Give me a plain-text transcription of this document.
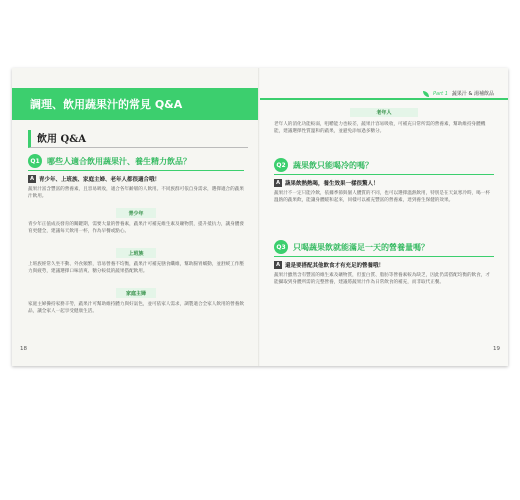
調理、飲用蔬果汁的常見 Q&A
飲用 Q&A
Q1 哪些人適合飲用蔬果汁、養生精力飲品？
A 青少年、上班族、家庭主婦、老年人都很適合哦！
蔬果汁富含豐富的營養素，且容易吸收，適合各年齡層的人飲用。不同族群可依自身需求，選擇適合的蔬果汁飲用。
青少年
青少年正值成長發育的關鍵期，需要大量的營養素，蔬果汁可補充維生素及礦物質，提升抵抗力，讓身體發育更健全，建議每天飲用一杯，作為早餐或點心。
上班族
上班族經常久坐不動、外食頻繁，容易營養不均衡，蔬果汁可補充膳食纖維，幫助腸胃蠕動，並舒緩工作壓力與疲勞，建議選擇口味清爽、糖分較低的蔬果搭配飲用。
家庭主婦
家庭主婦操持家務辛勞，蔬果汁可幫助維持體力與好氣色，並可依家人需求，調製適合全家人飲用的營養飲品，讓全家人一起享受健康生活。
18
Part 1 蔬果汁 & 湯補飲品
老年人
老年人的消化功能較弱，咀嚼能力也較差，蔬果汁容易吸收，可補充日常所需的營養素，幫助維持身體機能，建議選擇性質溫和的蔬果，並避免添加過多糖分。
Q2 蔬果飲只能喝冷的嗎？
A 蔬果飲熱熱喝，養生效果一樣很驚人！
蔬果汁不一定只能冷飲，依據季節與個人體質的不同，也可以選擇溫熱飲用，特別是在天氣寒冷時，喝一杯溫熱的蔬果飲，能讓身體暖和起來，同樣可以補充豐富的營養素，達到養生保健的效果。
Q3 只喝蔬果飲就能滿足一天的營養量嗎？
A 還是要搭配其他飲食才有充足的營養哦！
蔬果汁雖然含有豐富的維生素及礦物質，但蛋白質、脂肪等營養素較為缺乏，因此仍需搭配均衡的飲食，才能攝取到身體所需的完整營養，建議將蔬果汁作為日常飲食的補充，而非取代正餐。
19
